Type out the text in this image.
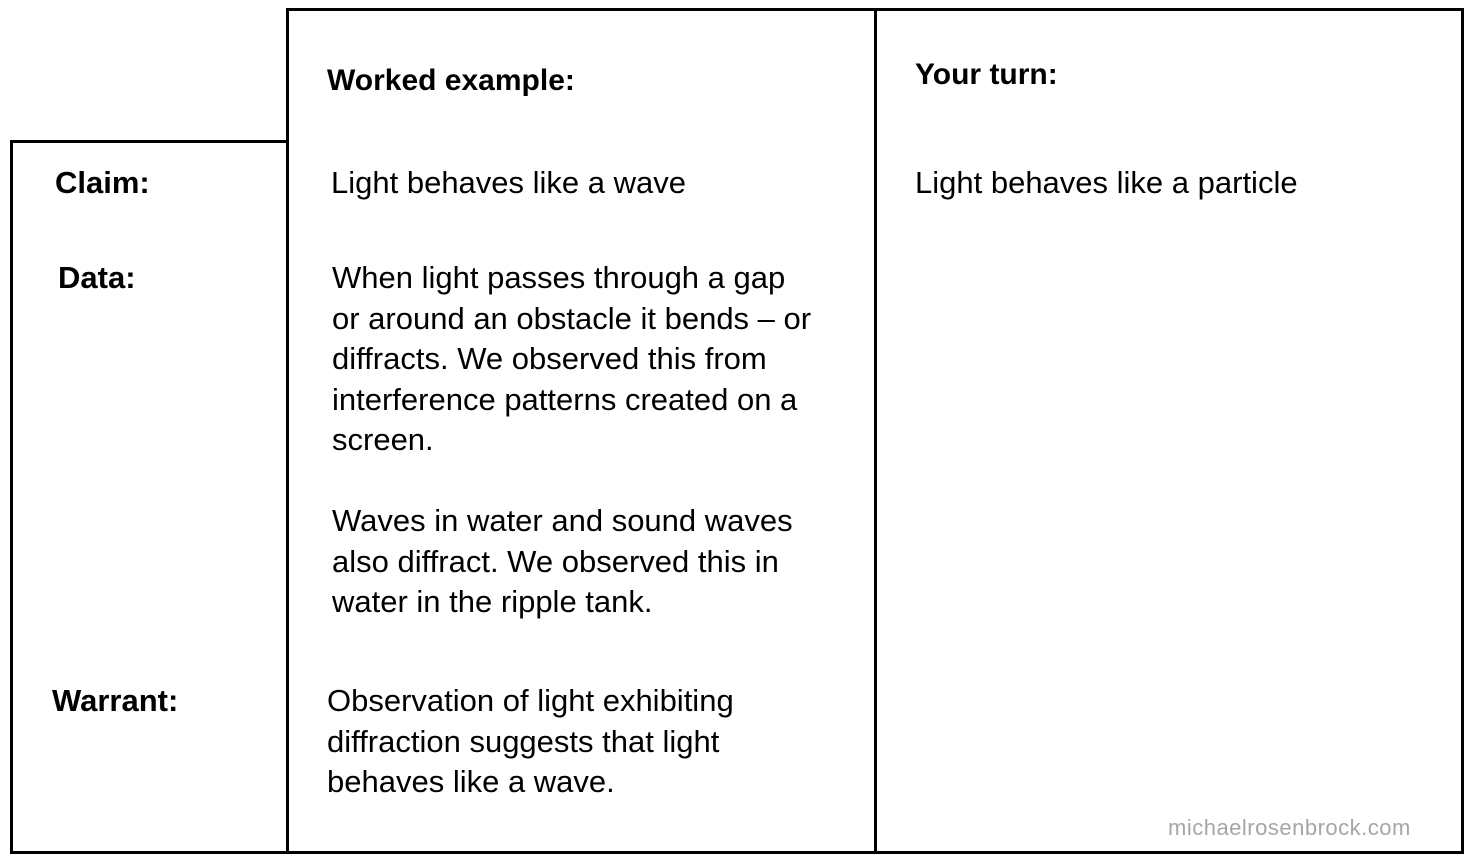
Claim:
Data:
Warrant:
Worked example:
Light behaves like a wave
When light passes through a gap
or around an obstacle it bends – or
diffracts. We observed this from
interference patterns created on a
screen.
Waves in water and sound waves
also diffract. We observed this in
water in the ripple tank.
Observation of light exhibiting
diffraction suggests that light
behaves like a wave.
Your turn:
Light behaves like a particle
michaelrosenbrock.com
